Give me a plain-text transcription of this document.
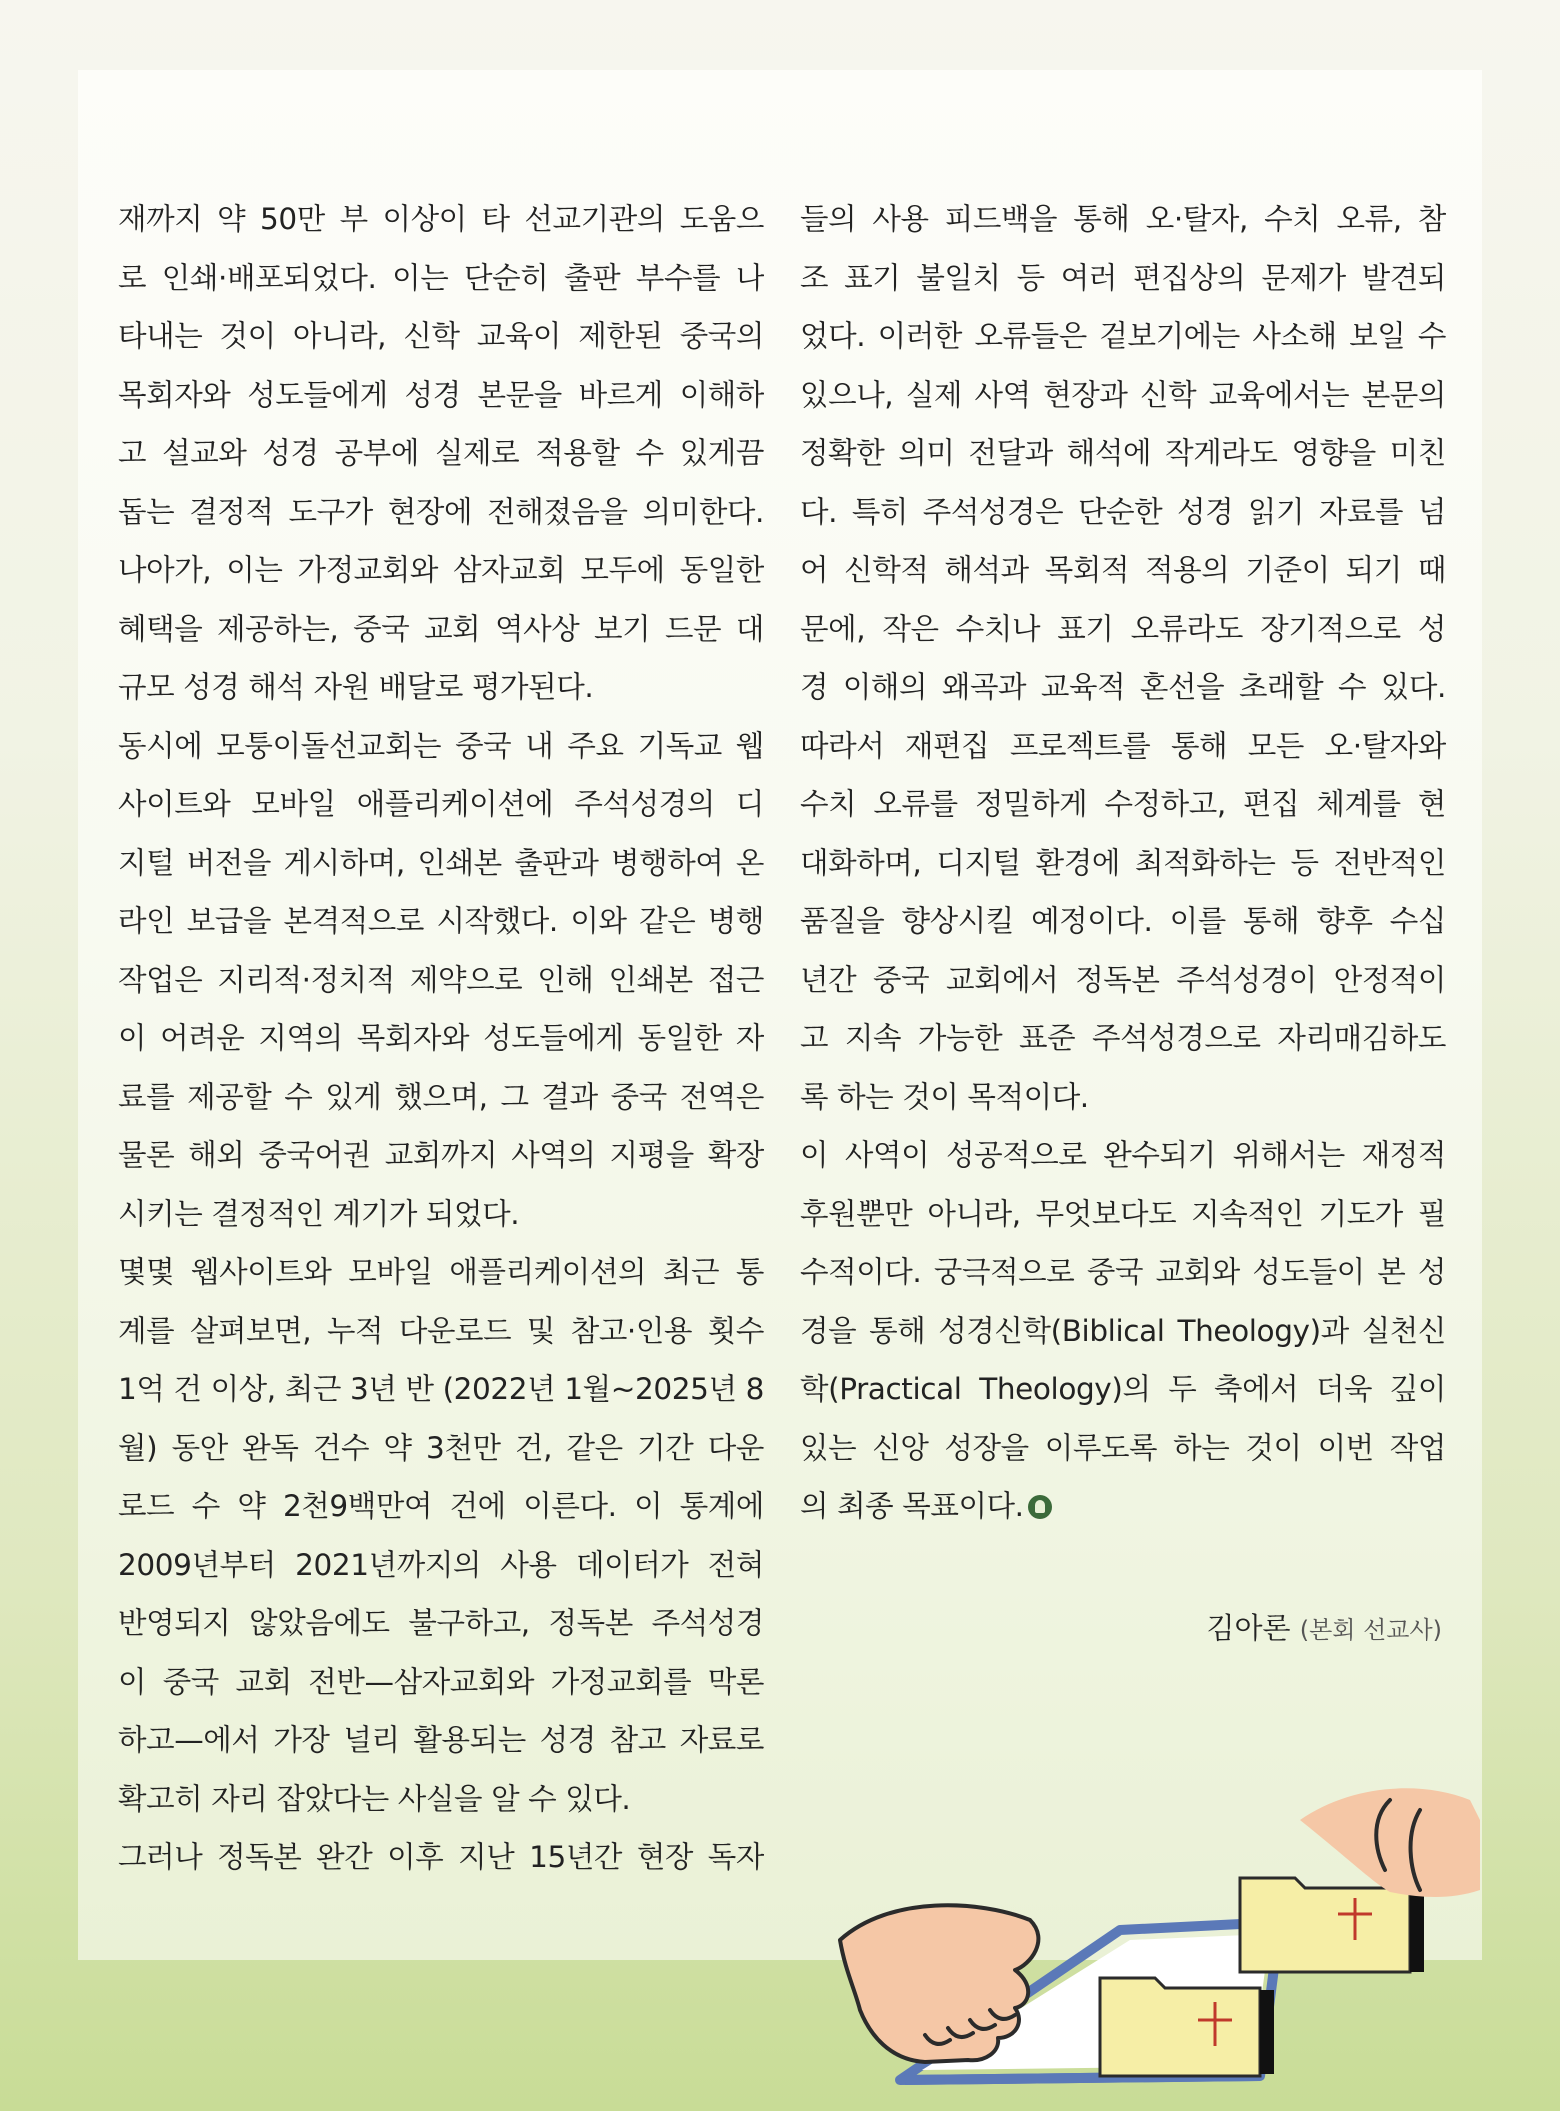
재까지 약 50만 부 이상이 타 선교기관의 도움으
로 인쇄·배포되었다. 이는 단순히 출판 부수를 나
타내는 것이 아니라, 신학 교육이 제한된 중국의
목회자와 성도들에게 성경 본문을 바르게 이해하
고 설교와 성경 공부에 실제로 적용할 수 있게끔
돕는 결정적 도구가 현장에 전해졌음을 의미한다.
나아가, 이는 가정교회와 삼자교회 모두에 동일한
혜택을 제공하는, 중국 교회 역사상 보기 드문 대
규모 성경 해석 자원 배달로 평가된다.
동시에 모퉁이돌선교회는 중국 내 주요 기독교 웹
사이트와 모바일 애플리케이션에 주석성경의 디
지털 버전을 게시하며, 인쇄본 출판과 병행하여 온
라인 보급을 본격적으로 시작했다. 이와 같은 병행
작업은 지리적·정치적 제약으로 인해 인쇄본 접근
이 어려운 지역의 목회자와 성도들에게 동일한 자
료를 제공할 수 있게 했으며, 그 결과 중국 전역은
물론 해외 중국어권 교회까지 사역의 지평을 확장
시키는 결정적인 계기가 되었다.
몇몇 웹사이트와 모바일 애플리케이션의 최근 통
계를 살펴보면, 누적 다운로드 및 참고·인용 횟수
1억 건 이상, 최근 3년 반 (2022년 1월~2025년 8
월) 동안 완독 건수 약 3천만 건, 같은 기간 다운
로드 수 약 2천9백만여 건에 이른다. 이 통계에
2009년부터 2021년까지의 사용 데이터가 전혀
반영되지 않았음에도 불구하고, 정독본 주석성경
이 중국 교회 전반—삼자교회와 가정교회를 막론
하고—에서 가장 널리 활용되는 성경 참고 자료로
확고히 자리 잡았다는 사실을 알 수 있다.
그러나 정독본 완간 이후 지난 15년간 현장 독자
들의 사용 피드백을 통해 오·탈자, 수치 오류, 참
조 표기 불일치 등 여러 편집상의 문제가 발견되
었다. 이러한 오류들은 겉보기에는 사소해 보일 수
있으나, 실제 사역 현장과 신학 교육에서는 본문의
정확한 의미 전달과 해석에 작게라도 영향을 미친
다. 특히 주석성경은 단순한 성경 읽기 자료를 넘
어 신학적 해석과 목회적 적용의 기준이 되기 때
문에, 작은 수치나 표기 오류라도 장기적으로 성
경 이해의 왜곡과 교육적 혼선을 초래할 수 있다.
따라서 재편집 프로젝트를 통해 모든 오·탈자와
수치 오류를 정밀하게 수정하고, 편집 체계를 현
대화하며, 디지털 환경에 최적화하는 등 전반적인
품질을 향상시킬 예정이다. 이를 통해 향후 수십
년간 중국 교회에서 정독본 주석성경이 안정적이
고 지속 가능한 표준 주석성경으로 자리매김하도
록 하는 것이 목적이다.
이 사역이 성공적으로 완수되기 위해서는 재정적
후원뿐만 아니라, 무엇보다도 지속적인 기도가 필
수적이다. 궁극적으로 중국 교회와 성도들이 본 성
경을 통해 성경신학(Biblical Theology)과 실천신
학(Practical Theology)의 두 축에서 더욱 깊이
있는 신앙 성장을 이루도록 하는 것이 이번 작업
의 최종 목표이다.
김아론 (본회 선교사)
